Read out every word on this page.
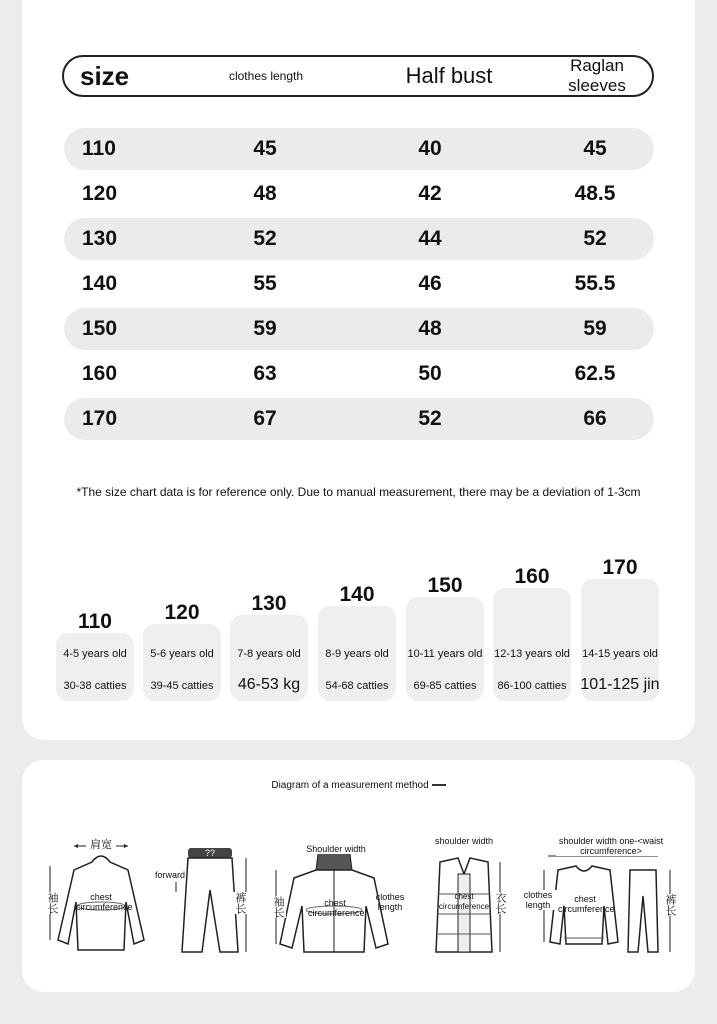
size	clothes length	Half bust	Raglan sleeves
110	45	40	45
120	48	42	48.5
130	52	44	52
140	55	46	55.5
150	59	48	59
160	63	50	62.5
170	67	52	66
*The size chart data is for reference only. Due to manual measurement, there may be a deviation of 1-3cm
110
4-5 years old
30-38 catties
120
5-6 years old
39-45 catties
130
7-8 years old
46-53 kg
140
8-9 years old
54-68 catties
150
10-11 years old
69-85 catties
160
12-13 years old
86-100 catties
170
14-15 years old
101-125 jin
Diagram of a measurement method
肩宽
袖长	chest circumference
??
forward
裤长
Shoulder width
袖长	chest circumference
clothes length
shoulder width
chest circumference 衣长
shoulder width one-<waist circumference>
clothes length
chest circumference	裤长
